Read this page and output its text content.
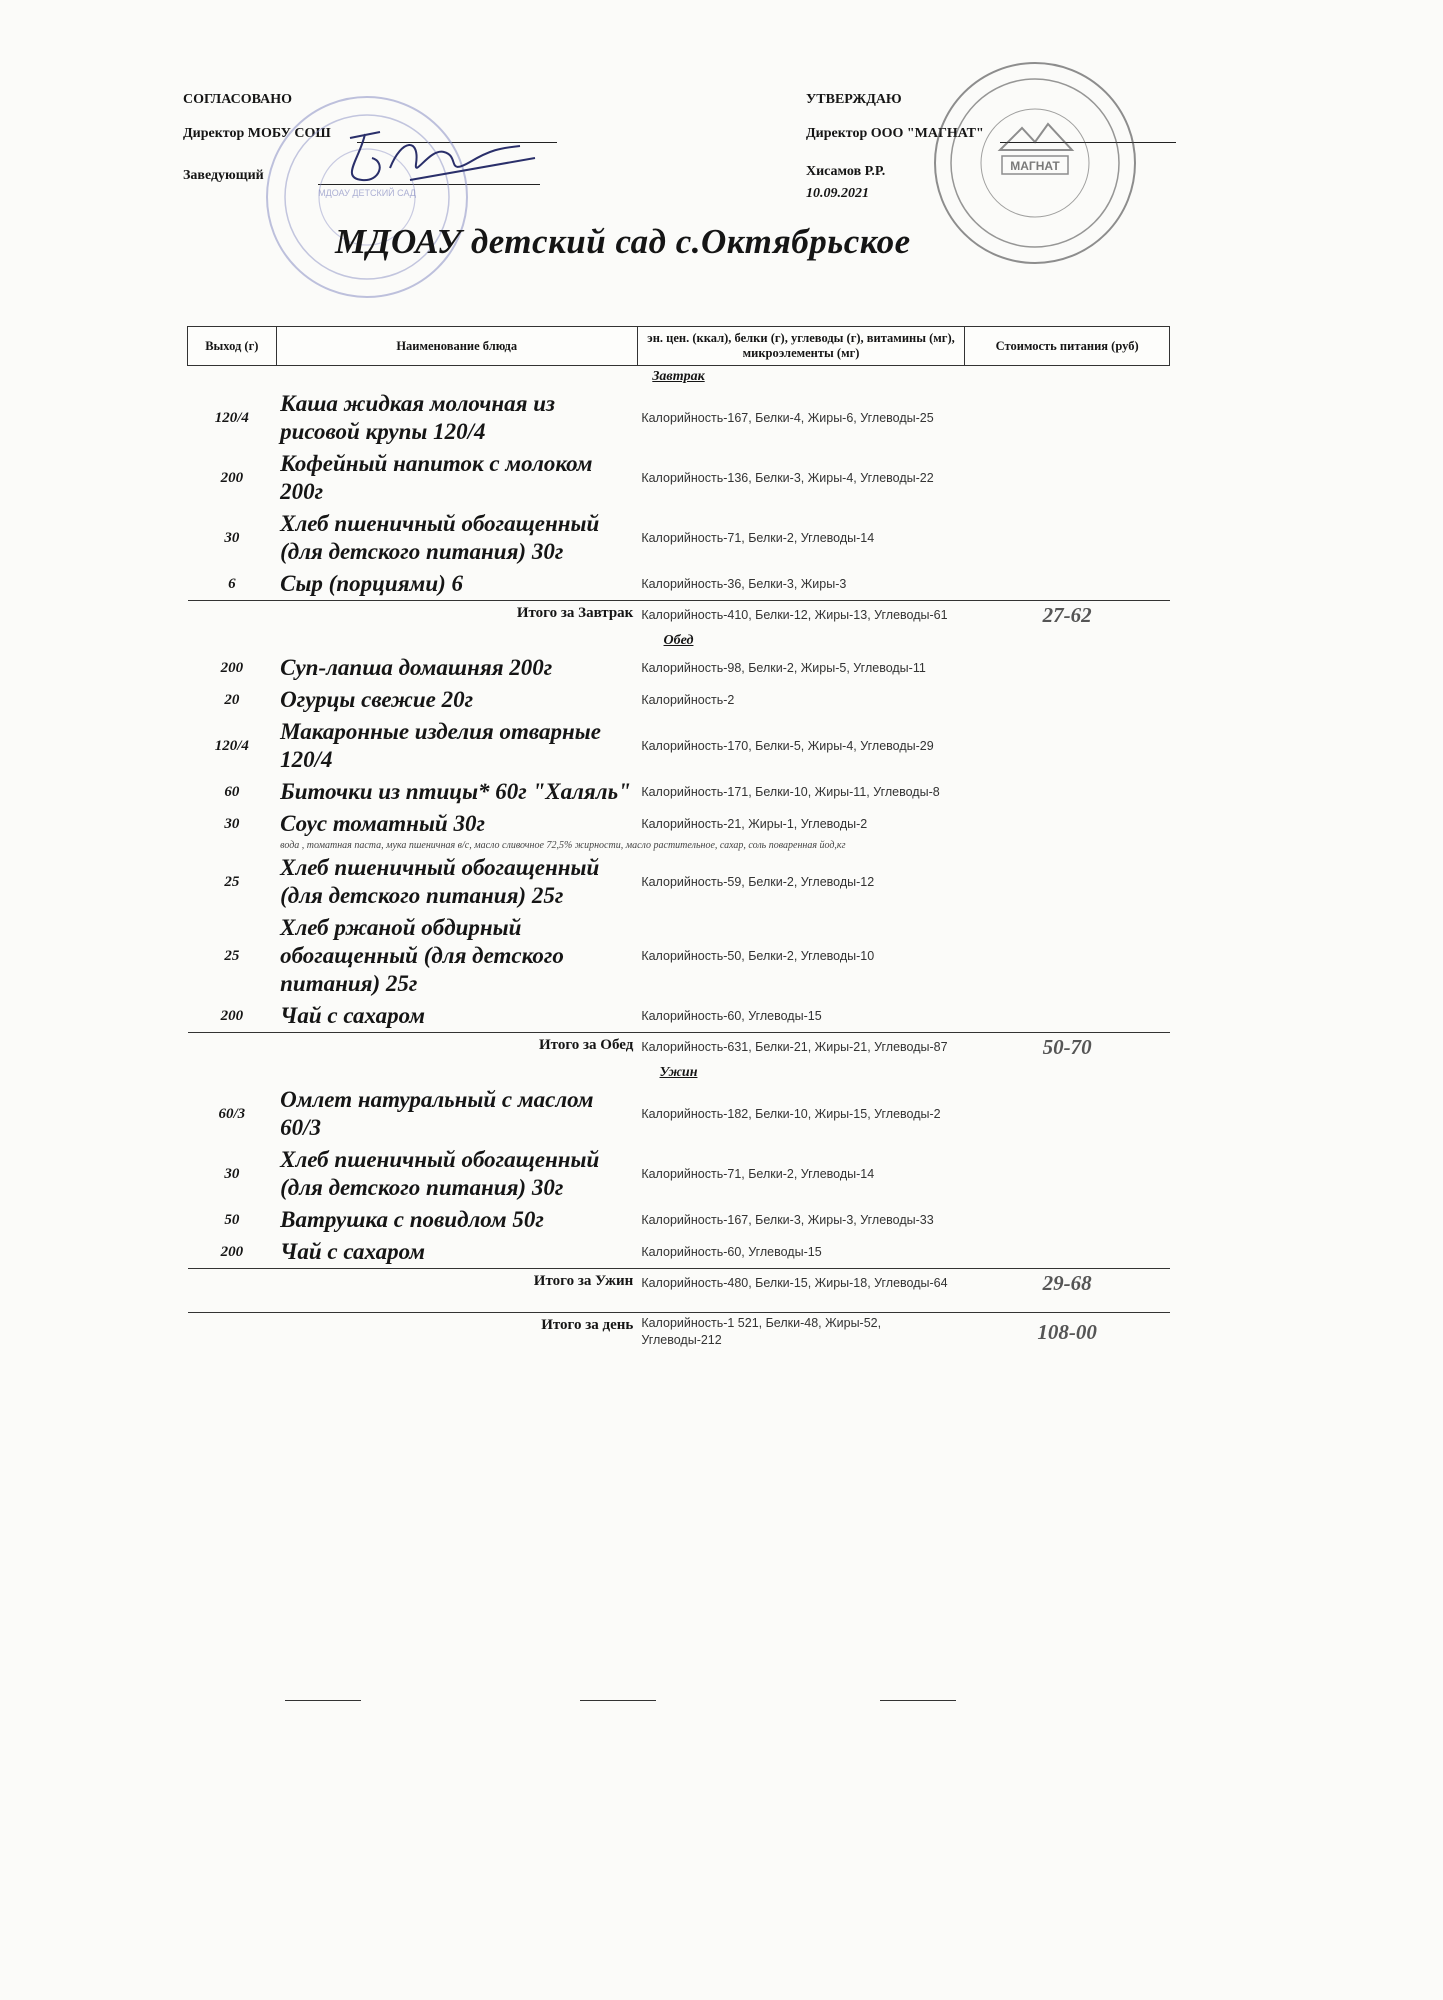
СОГЛАСОВАНО
Директор МОБУ СОШ
Заведующий
МДОАУ ДЕТСКИЙ САД
УТВЕРЖДАЮ
Директор ООО "МАГНАТ"
Хисамов Р.Р.
10.09.2021
МАГНАТ
МДОАУ детский сад с.Октябрьское
Выход (г)	Наименование блюда	эн. цен. (ккал), белки (г), углеводы (г), витамины (мг), микроэлементы (мг)	Стоимость питания (руб)
Завтрак			
120/4	Каша жидкая молочная из рисовой крупы 120/4	Калорийность-167, Белки-4, Жиры-6, Углеводы-25	
200	Кофейный напиток с молоком 200г	Калорийность-136, Белки-3, Жиры-4, Углеводы-22	
30	Хлеб пшеничный обогащенный (для детского питания) 30г	Калорийность-71, Белки-2, Углеводы-14	
6	Сыр (порциями) 6	Калорийность-36, Белки-3, Жиры-3	
Итого за Завтрак		Калорийность-410, Белки-12, Жиры-13, Углеводы-61	27-62
Обед			
200	Суп-лапша домашняя 200г	Калорийность-98, Белки-2, Жиры-5, Углеводы-11	
20	Огурцы свежие 20г	Калорийность-2	
120/4	Макаронные изделия отварные 120/4	Калорийность-170, Белки-5, Жиры-4, Углеводы-29	
60	Биточки из птицы* 60г "Халяль"	Калорийность-171, Белки-10, Жиры-11, Углеводы-8	
30	Соус томатный 30г	Калорийность-21, Жиры-1, Углеводы-2	
	вода , томатная паста, мука пшеничная в/с, масло сливочное 72,5% жирности, масло растительное, сахар, соль поваренная йод,кг		
25	Хлеб пшеничный обогащенный (для детского питания) 25г	Калорийность-59, Белки-2, Углеводы-12	
25	Хлеб ржаной обдирный обогащенный (для детского питания) 25г	Калорийность-50, Белки-2, Углеводы-10	
200	Чай с сахаром	Калорийность-60, Углеводы-15	
Итого за Обед		Калорийность-631, Белки-21, Жиры-21, Углеводы-87	50-70
Ужин			
60/3	Омлет натуральный с маслом 60/3	Калорийность-182, Белки-10, Жиры-15, Углеводы-2	
30	Хлеб пшеничный обогащенный (для детского питания) 30г	Калорийность-71, Белки-2, Углеводы-14	
50	Ватрушка с повидлом 50г	Калорийность-167, Белки-3, Жиры-3, Углеводы-33	
200	Чай с сахаром	Калорийность-60, Углеводы-15	
Итого за Ужин		Калорийность-480, Белки-15, Жиры-18, Углеводы-64	29-68

Итого за день		Калорийность-1 521, Белки-48, Жиры-52, Углеводы-212	108-00
